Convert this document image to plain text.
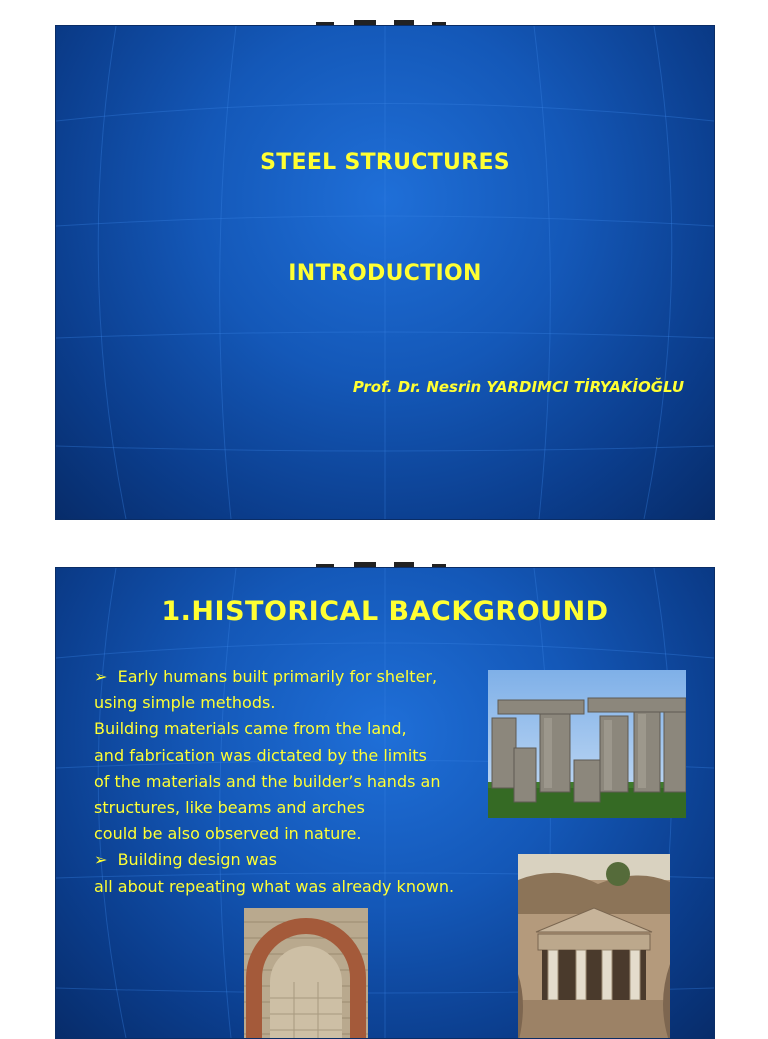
STEEL STRUCTURES
INTRODUCTION
Prof. Dr. Nesrin YARDIMCI TİRYAKİOĞLU
1.HISTORICAL BACKGROUND
➢ Early humans built primarily for shelter,
using simple methods.
Building materials came from the land,
and fabrication was dictated by the limits
of the materials and the builder’s hands an
structures, like beams and arches
could be also observed in nature.
➢ Building design was
all about repeating what was already known.
